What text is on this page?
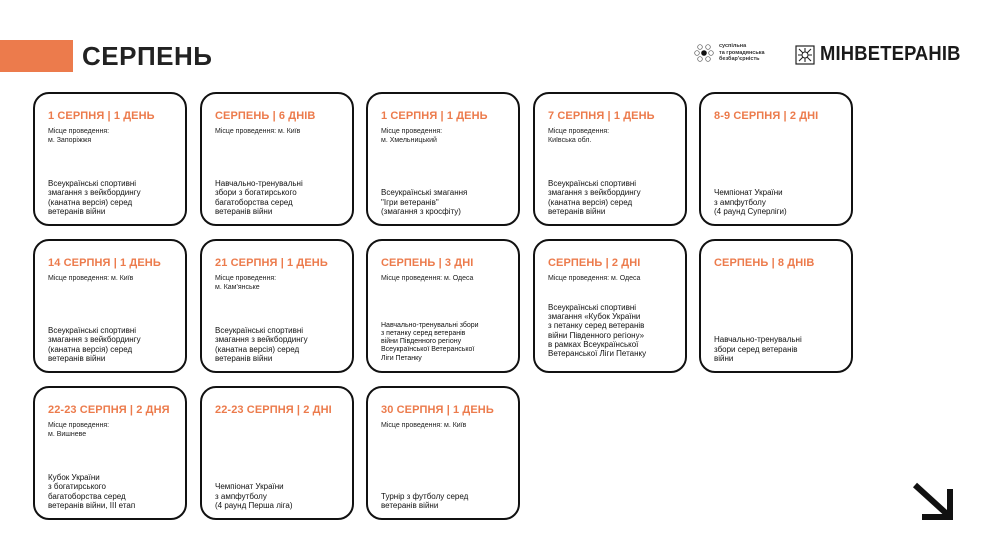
СЕРПЕНЬ	суспільна
та громадянська
безбар'єрність	МІНВЕТЕРАНІВ
1 СЕРПНЯ | 1 ДЕНЬ
Місце проведення:
м. Запоріжжя
Всеукраїнські спортивні
змагання з вейкбордингу
(канатна версія) серед
ветеранів війни
СЕРПЕНЬ | 6 ДНІВ
Місце проведення: м. Київ
Навчально-тренувальні
збори з богатирського
багатоборства серед
ветеранів війни
1 СЕРПНЯ | 1 ДЕНЬ
Місце проведення:
м. Хмельницький
Всеукраїнські змагання
"Ігри ветеранів"
(змагання з кросфіту)
7 СЕРПНЯ | 1 ДЕНЬ
Місце проведення:
Київська обл.
Всеукраїнські спортивні
змагання з вейкбордингу
(канатна версія) серед
ветеранів війни
8-9 СЕРПНЯ | 2 ДНІ
Чемпіонат України
з ампфутболу
(4 раунд Суперліги)
14 СЕРПНЯ | 1 ДЕНЬ
Місце проведення: м. Київ
Всеукраїнські спортивні
змагання з вейкбордингу
(канатна версія) серед
ветеранів війни
21 СЕРПНЯ | 1 ДЕНЬ
Місце проведення:
м. Кам'янське
Всеукраїнські спортивні
змагання з вейкбордингу
(канатна версія) серед
ветеранів війни
СЕРПЕНЬ | 3 ДНІ
Місце проведення: м. Одеса
Навчально-тренувальні збори
з петанку серед ветеранів
війни Південного регіону
Всеукраїнської Ветеранської
Ліги Петанку
СЕРПЕНЬ | 2 ДНІ
Місце проведення: м. Одеса
Всеукраїнські спортивні
змагання «Кубок України
з петанку серед ветеранів
війни Південного регіону»
в рамках Всеукраїнської
Ветеранської Ліги Петанку
СЕРПЕНЬ | 8 ДНІВ
Навчально-тренувальні
збори серед ветеранів
війни
22-23 СЕРПНЯ | 2 ДНЯ
Місце проведення:
м. Вишневе
Кубок України
з богатирського
багатоборства серед
ветеранів війни, III етап
22-23 СЕРПНЯ | 2 ДНІ
Чемпіонат України
з ампфутболу
(4 раунд Перша ліга)
30 СЕРПНЯ | 1 ДЕНЬ
Місце проведення: м. Київ
Турнір з футболу серед
ветеранів війни
